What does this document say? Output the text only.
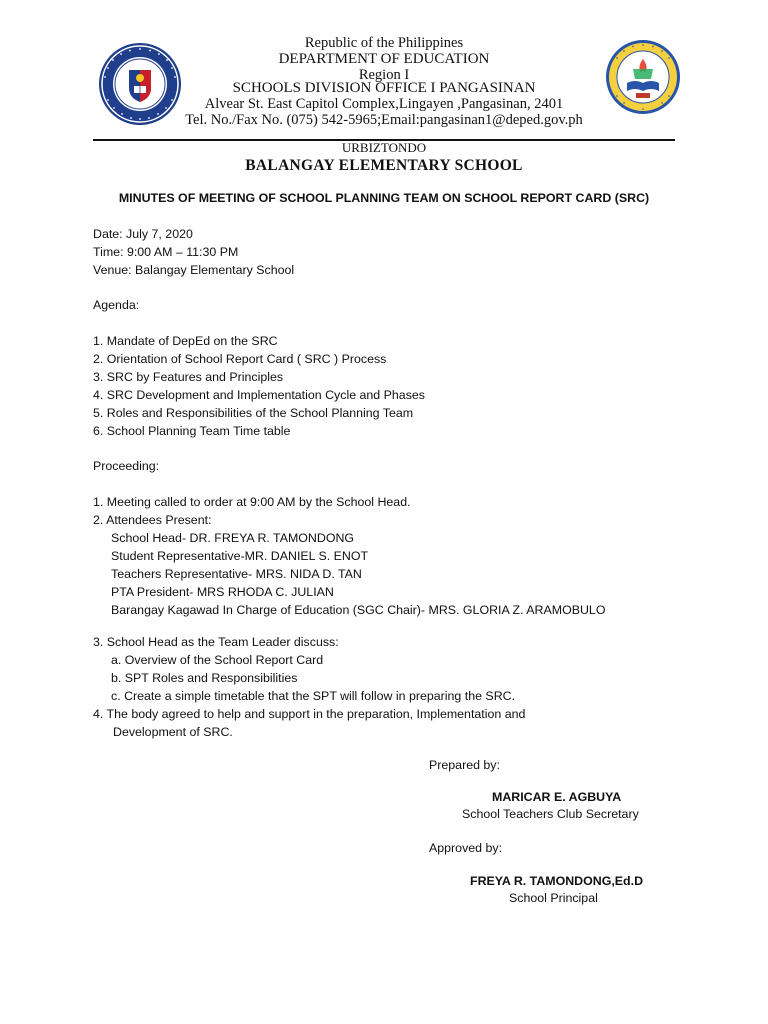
Republic of the Philippines
DEPARTMENT OF EDUCATION
Region I
SCHOOLS DIVISION OFFICE I PANGASINAN
Alvear St. East Capitol Complex,Lingayen ,Pangasinan, 2401
Tel. No./Fax No. (075) 542-5965;Email:pangasinan1@deped.gov.ph
URBIZTONDO
BALANGAY ELEMENTARY SCHOOL
MINUTES OF MEETING OF SCHOOL PLANNING TEAM ON SCHOOL REPORT CARD (SRC)
Date: July 7, 2020
Time: 9:00 AM – 11:30 PM
Venue: Balangay Elementary School
Agenda:
1. Mandate of DepEd on the SRC
2. Orientation of School Report Card ( SRC ) Process
3. SRC by Features and Principles
4. SRC Development and Implementation Cycle and Phases
5. Roles and Responsibilities of the School Planning Team
6. School Planning Team Time table
Proceeding:
1. Meeting called to order at 9:00 AM by the School Head.
2. Attendees Present:
School Head- DR. FREYA R. TAMONDONG
Student Representative-MR. DANIEL S. ENOT
Teachers Representative- MRS. NIDA D. TAN
PTA President- MRS RHODA C. JULIAN
Barangay Kagawad In Charge of Education (SGC Chair)- MRS. GLORIA Z. ARAMOBULO
3. School Head as the Team Leader discuss:
a. Overview of the School Report Card
b. SPT Roles and Responsibilities
c. Create a simple timetable that the SPT will follow in preparing the SRC.
4. The body agreed to help and support in the preparation, Implementation and
Development of SRC.
Prepared by:
MARICAR E. AGBUYA
School Teachers Club Secretary
Approved by:
FREYA R. TAMONDONG,Ed.D
School Principal
